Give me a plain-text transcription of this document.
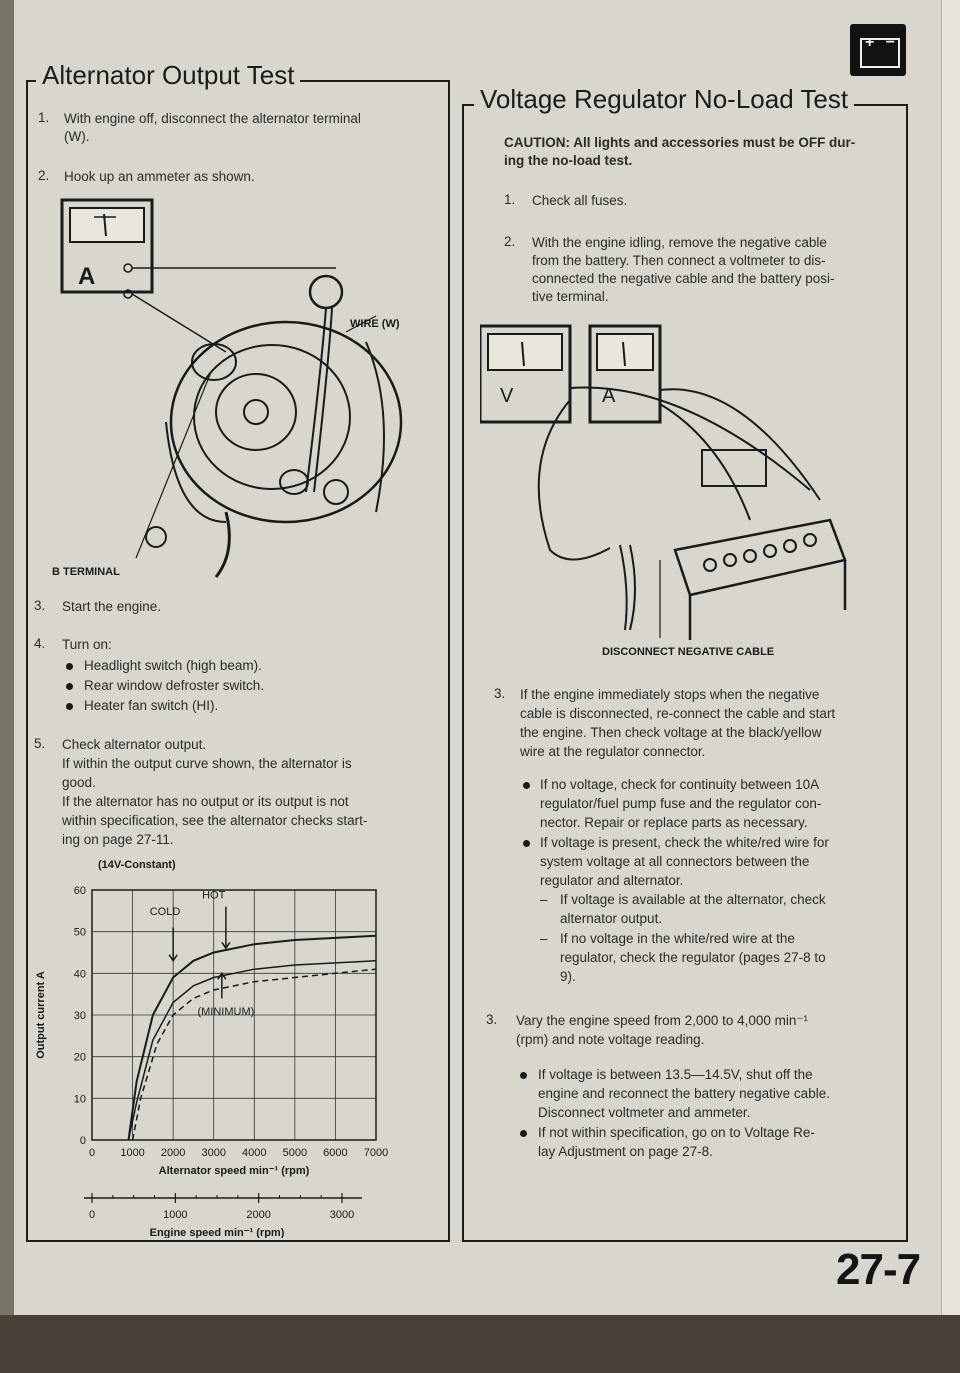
+ −
Alternator Output Test
1. With engine off, disconnect the alternator terminal
(W).
2. Hook up an ammeter as shown.
A
WIRE (W)
B TERMINAL
3. Start the engine.
4. Turn on:
Headlight switch (high beam).
Rear window defroster switch.
Heater fan switch (HI).
5. Check alternator output.
If within the output curve shown, the alternator is
good.
If the alternator has no output or its output is not
within specification, see the alternator checks start-
ing on page 27-11.
(14V-Constant)
0 1000 2000 3000 4000 5000 6000 7000
0
10
20
30
40
50
60
COLD
HOT
(MINIMUM)
Alternator speed min⁻¹ (rpm)
Output current A
0	1000	2000	3000
Engine speed min⁻¹ (rpm)
Voltage Regulator No-Load Test
CAUTION: All lights and accessories must be OFF dur-
ing the no-load test.
1. Check all fuses.
2. With the engine idling, remove the negative cable
from the battery. Then connect a voltmeter to dis-
connected the negative cable and the battery posi-
tive terminal.
V	A
DISCONNECT NEGATIVE CABLE
3. If the engine immediately stops when the negative
cable is disconnected, re-connect the cable and start
the engine. Then check voltage at the black/yellow
wire at the regulator connector.
If no voltage, check for continuity between 10A
regulator/fuel pump fuse and the regulator con-
nector. Repair or replace parts as necessary.
If voltage is present, check the white/red wire for
system voltage at all connectors between the
regulator and alternator.
– If voltage is available at the alternator, check
alternator output.
– If no voltage in the white/red wire at the
regulator, check the regulator (pages 27-8 to
9).
3. Vary the engine speed from 2,000 to 4,000 min⁻¹
(rpm) and note voltage reading.
If voltage is between 13.5—14.5V, shut off the
engine and reconnect the battery negative cable.
Disconnect voltmeter and ammeter.
If not within specification, go on to Voltage Re-
lay Adjustment on page 27-8.
27-7
